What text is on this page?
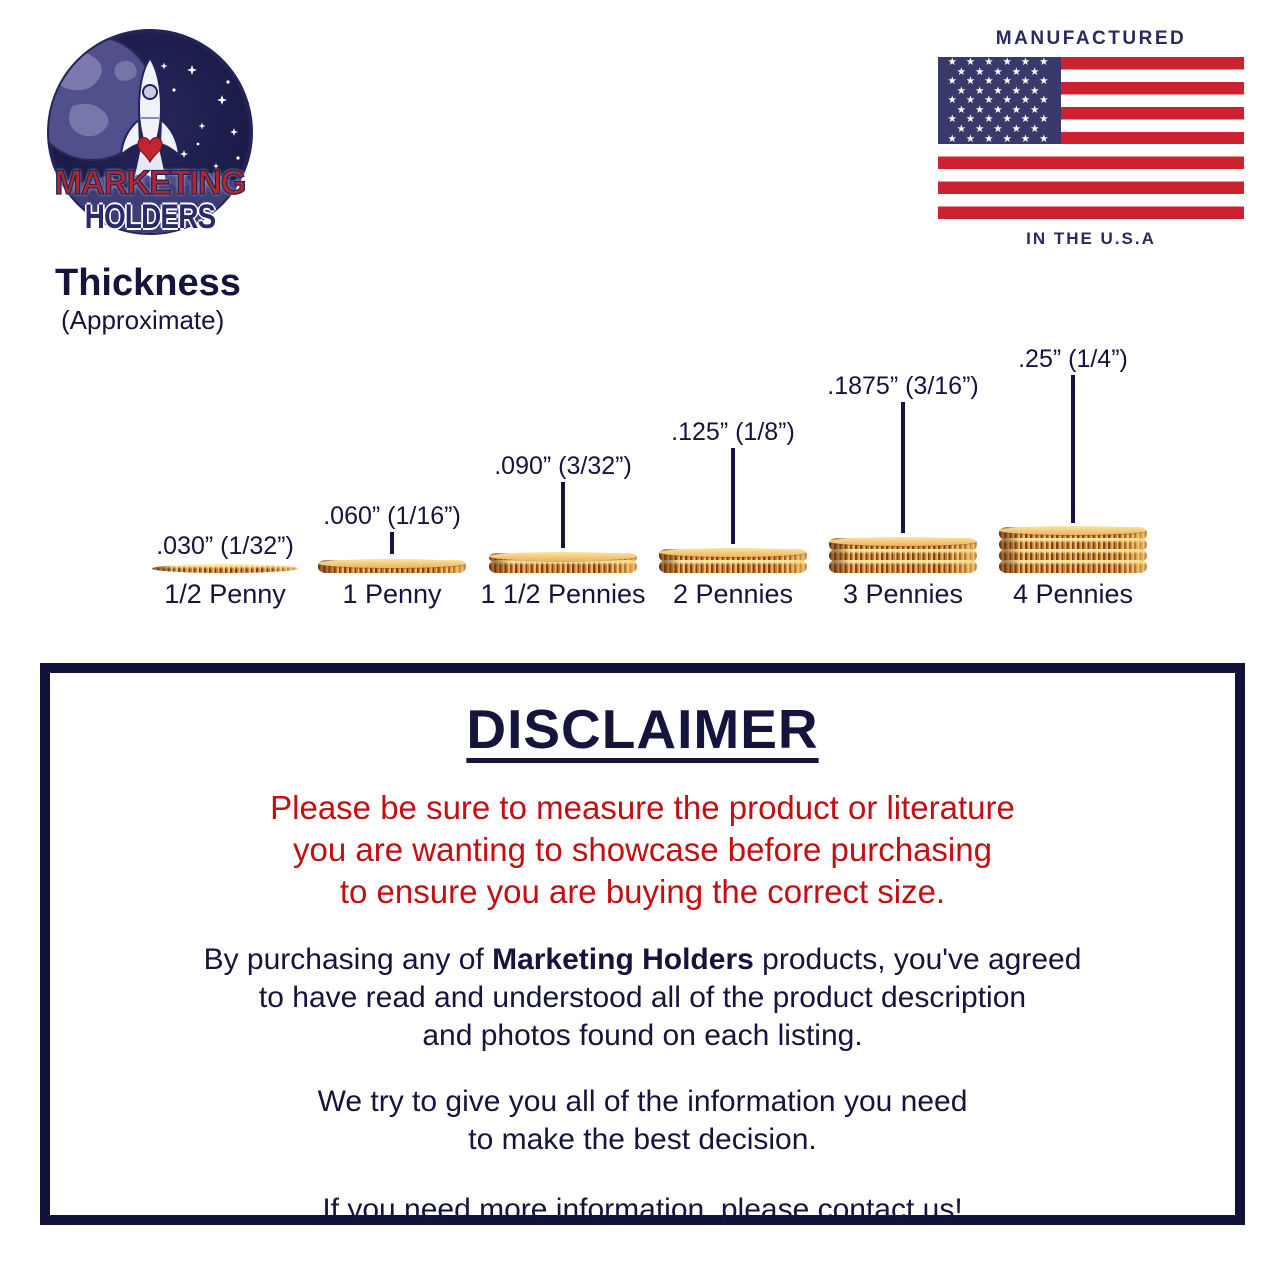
MARKETING
HOLDERS
MANUFACTURED
★ ★ ★ ★ ★ ★
★ ★ ★ ★ ★
★ ★ ★ ★ ★ ★
★ ★ ★ ★ ★
★ ★ ★ ★ ★ ★
★ ★ ★ ★ ★
★ ★ ★ ★ ★ ★
★ ★ ★ ★ ★
★ ★ ★ ★ ★ ★
IN THE U.S.A
Thickness
(Approximate)
.030” (1/32”)
1/2 Penny
.060” (1/16”)
1 Penny
.090” (3/32”)
1 1/2 Pennies
.125” (1/8”)
2 Pennies
.1875” (3/16”)
3 Pennies
.25” (1/4”)
4 Pennies
DISCLAIMER
Please be sure to measure the product or literature
you are wanting to showcase before purchasing
to ensure you are buying the correct size.
By purchasing any of Marketing Holders products, you've agreed
to have read and understood all of the product description
and photos found on each listing.
We try to give you all of the information you need
to make the best decision.
If you need more information, please contact us!
